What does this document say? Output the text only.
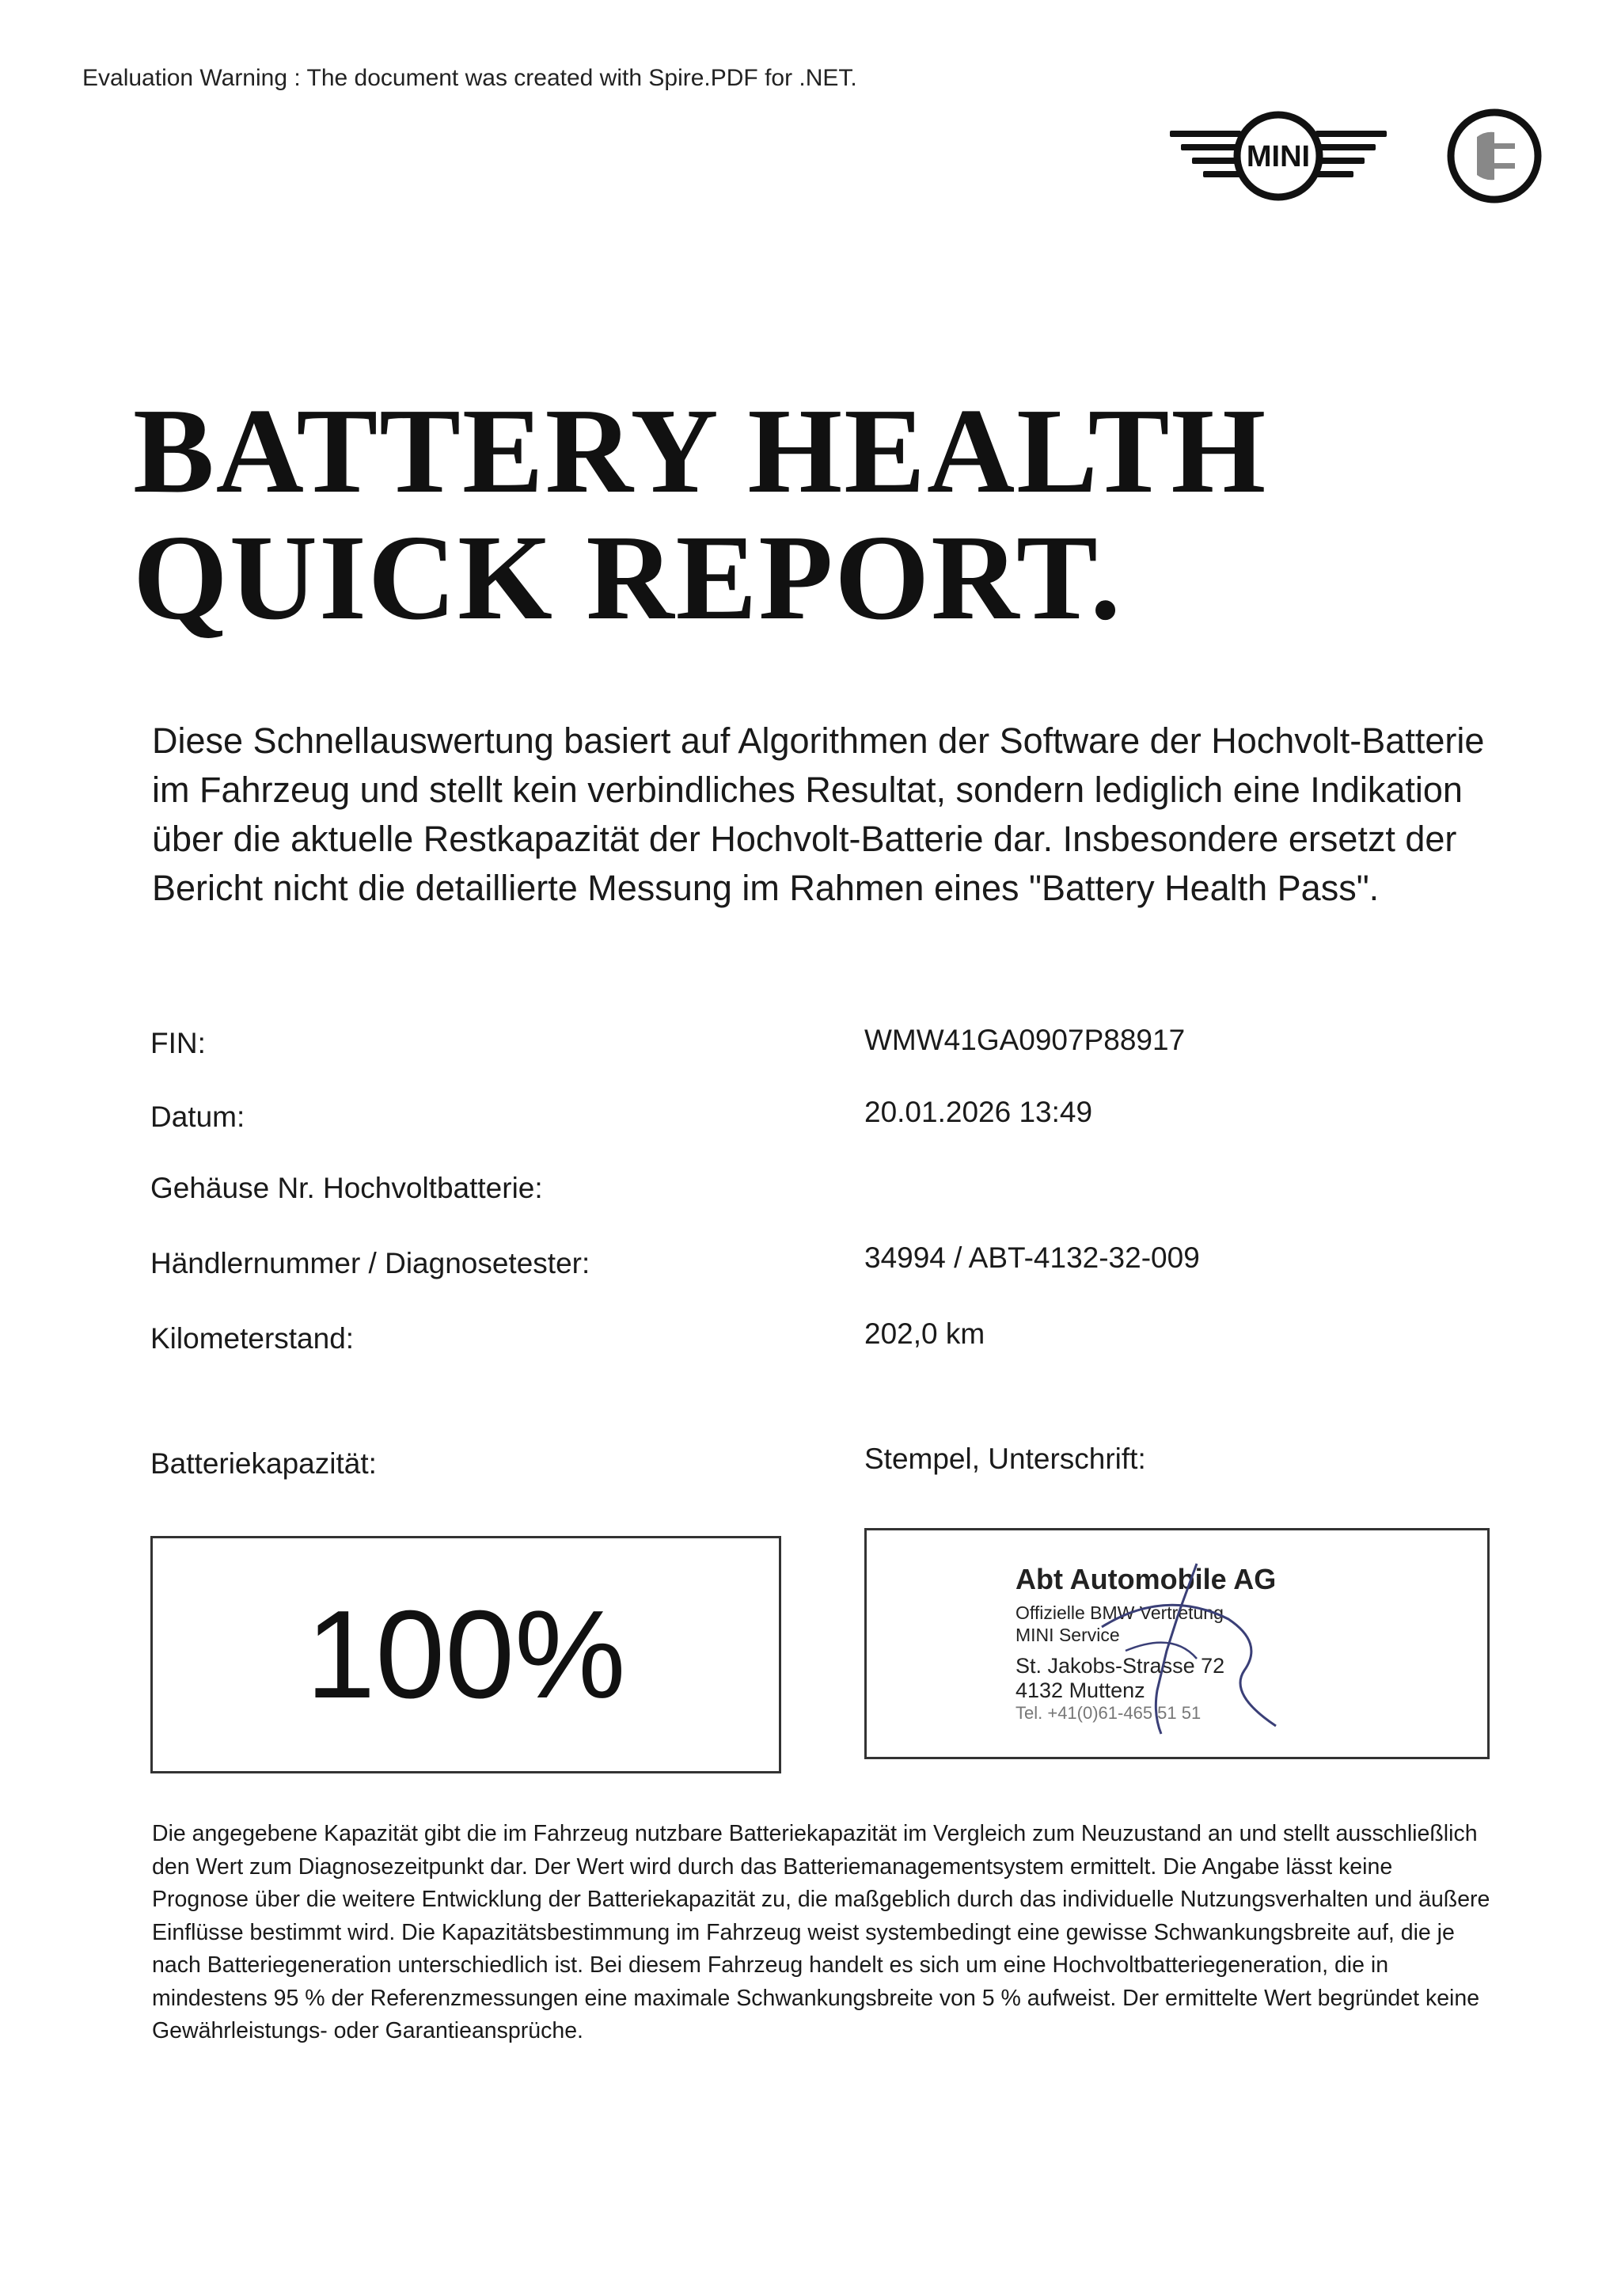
Evaluation Warning : The document was created with Spire.PDF for .NET.
MINI
BATTERY HEALTH
QUICK REPORT.
Diese Schnellauswertung basiert auf Algorithmen der Software der Hochvolt-Batterie im Fahrzeug und stellt kein verbindliches Resultat, sondern lediglich eine Indikation über die aktuelle Restkapazität der Hochvolt-Batterie dar. Insbesondere ersetzt der Bericht nicht die detaillierte Messung im Rahmen eines "Battery Health Pass".
FIN:	WMW41GA0907P88917
Datum:	20.01.2026 13:49
Gehäuse Nr. Hochvoltbatterie:
Händlernummer / Diagnosetester:	34994 / ABT-4132-32-009
Kilometerstand:	202,0 km
Batteriekapazität:	Stempel, Unterschrift:
100%
Abt Automobile AG
Offizielle BMW Vertretung
MINI Service
St. Jakobs-Strasse 72
4132 Muttenz
Tel. +41(0)61-465 51 51
Die angegebene Kapazität gibt die im Fahrzeug nutzbare Batteriekapazität im Vergleich zum Neuzustand an und stellt ausschließlich den Wert zum Diagnosezeitpunkt dar. Der Wert wird durch das Batteriemanagementsystem ermittelt. Die Angabe lässt keine Prognose über die weitere Entwicklung der Batteriekapazität zu, die maßgeblich durch das individuelle Nutzungsverhalten und äußere Einflüsse bestimmt wird. Die Kapazitätsbestimmung im Fahrzeug weist systembedingt eine gewisse Schwankungsbreite auf, die je nach Batteriegeneration unterschiedlich ist. Bei diesem Fahrzeug handelt es sich um eine Hochvoltbatteriegeneration, die in mindestens 95 % der Referenzmessungen eine maximale Schwankungsbreite von 5 % aufweist. Der ermittelte Wert begründet keine Gewährleistungs- oder Garantieansprüche.
